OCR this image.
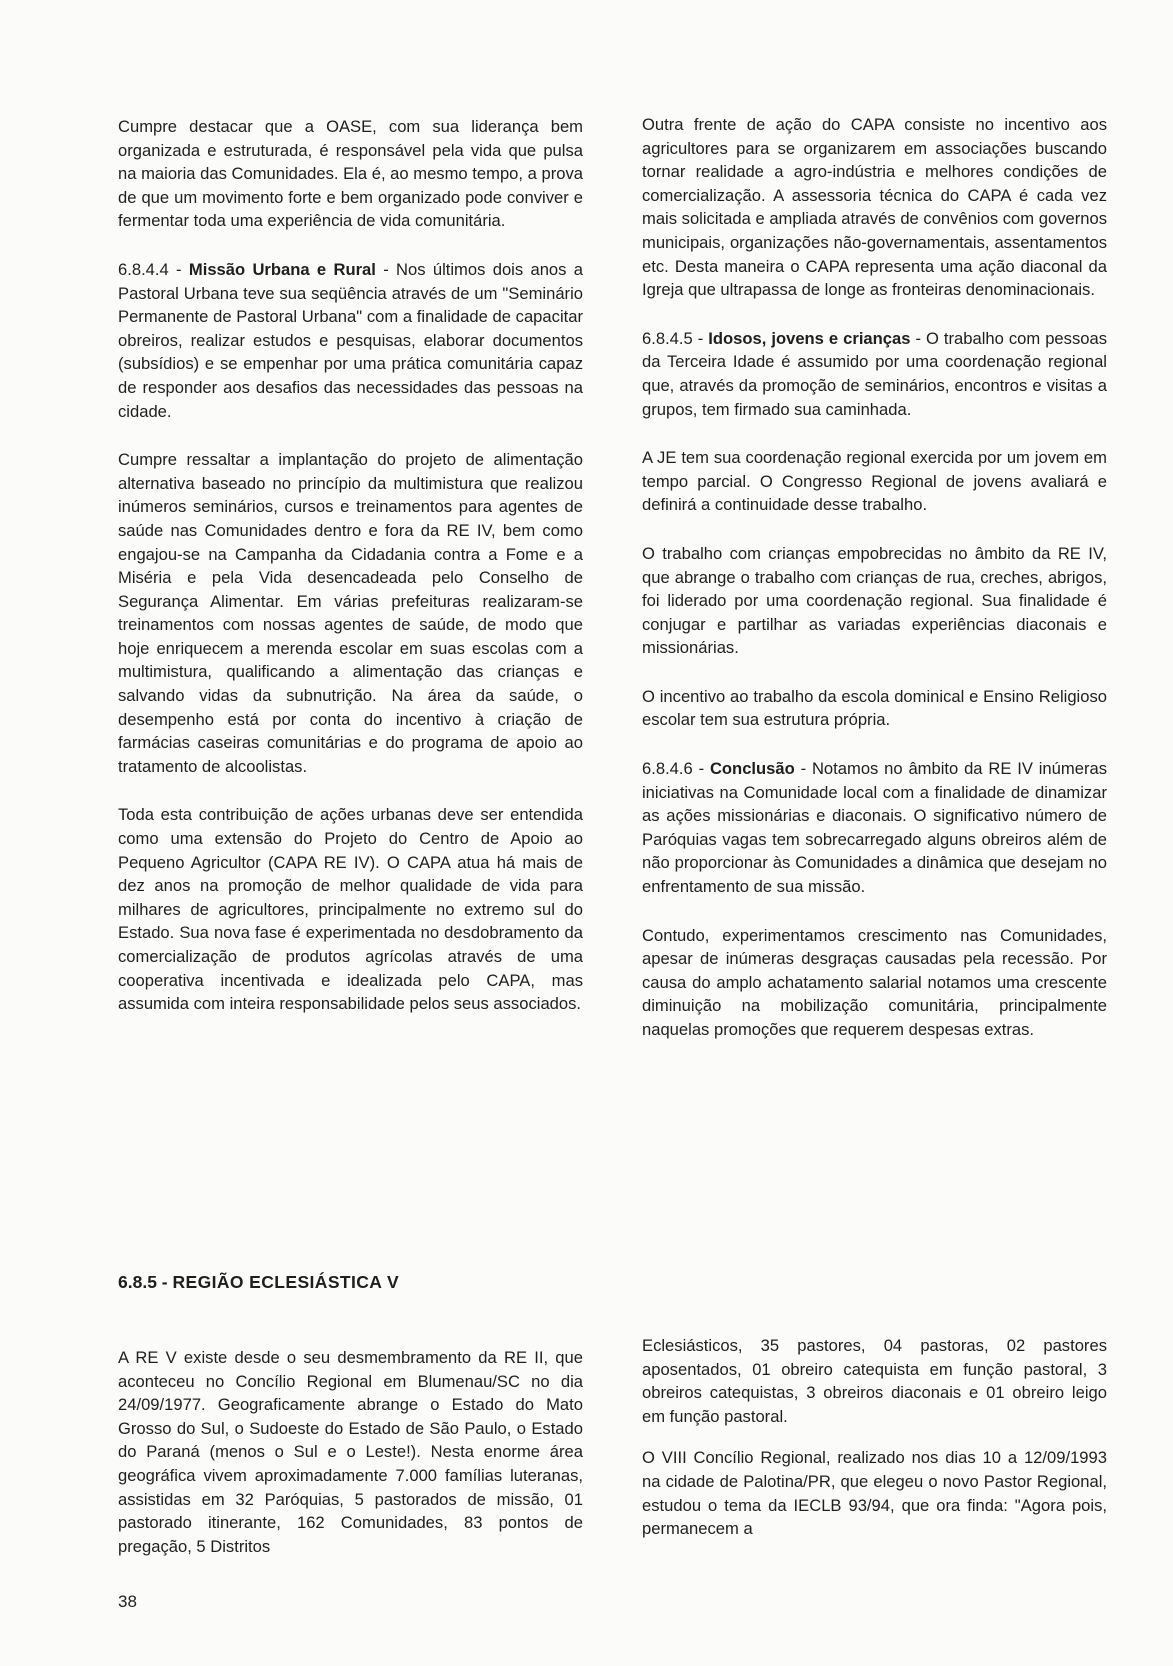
Cumpre destacar que a OASE, com sua liderança bem organizada e estruturada, é responsável pela vida que pulsa na maioria das Comunidades. Ela é, ao mesmo tempo, a prova de que um movimento forte e bem organizado pode conviver e fermentar toda uma experiência de vida comunitária.

6.8.4.4 - Missão Urbana e Rural - Nos últimos dois anos a Pastoral Urbana teve sua seqüência através de um "Seminário Permanente de Pastoral Urbana" com a finalidade de capacitar obreiros, realizar estudos e pesquisas, elaborar documentos (subsídios) e se empenhar por uma prática comunitária capaz de responder aos desafios das necessidades das pessoas na cidade.

Cumpre ressaltar a implantação do projeto de alimentação alternativa baseado no princípio da multimistura que realizou inúmeros seminários, cursos e treinamentos para agentes de saúde nas Comunidades dentro e fora da RE IV, bem como engajou-se na Campanha da Cidadania contra a Fome e a Miséria e pela Vida desencadeada pelo Conselho de Segurança Alimentar. Em várias prefeituras realizaram-se treinamentos com nossas agentes de saúde, de modo que hoje enriquecem a merenda escolar em suas escolas com a multimistura, qualificando a alimentação das crianças e salvando vidas da subnutrição. Na área da saúde, o desempenho está por conta do incentivo à criação de farmácias caseiras comunitárias e do programa de apoio ao tratamento de alcoolistas.

Toda esta contribuição de ações urbanas deve ser entendida como uma extensão do Projeto do Centro de Apoio ao Pequeno Agricultor (CAPA RE IV). O CAPA atua há mais de dez anos na promoção de melhor qualidade de vida para milhares de agricultores, principalmente no extremo sul do Estado. Sua nova fase é experimentada no desdobramento da comercialização de produtos agrícolas através de uma cooperativa incentivada e idealizada pelo CAPA, mas assumida com inteira responsabilidade pelos seus associados.

Outra frente de ação do CAPA consiste no incentivo aos agricultores para se organizarem em associações buscando tornar realidade a agro-indústria e melhores condições de comercialização. A assessoria técnica do CAPA é cada vez mais solicitada e ampliada através de convênios com governos municipais, organizações não-governamentais, assentamentos etc. Desta maneira o CAPA representa uma ação diaconal da Igreja que ultrapassa de longe as fronteiras denominacionais.

6.8.4.5 - Idosos, jovens e crianças - O trabalho com pessoas da Terceira Idade é assumido por uma coordenação regional que, através da promoção de seminários, encontros e visitas a grupos, tem firmado sua caminhada.

A JE tem sua coordenação regional exercida por um jovem em tempo parcial. O Congresso Regional de jovens avaliará e definirá a continuidade desse trabalho.

O trabalho com crianças empobrecidas no âmbito da RE IV, que abrange o trabalho com crianças de rua, creches, abrigos, foi liderado por uma coordenação regional. Sua finalidade é conjugar e partilhar as variadas experiências diaconais e missionárias.

O incentivo ao trabalho da escola dominical e Ensino Religioso escolar tem sua estrutura própria.

6.8.4.6 - Conclusão - Notamos no âmbito da RE IV inúmeras iniciativas na Comunidade local com a finalidade de dinamizar as ações missionárias e diaconais. O significativo número de Paróquias vagas tem sobrecarregado alguns obreiros além de não proporcionar às Comunidades a dinâmica que desejam no enfrentamento de sua missão.

Contudo, experimentamos crescimento nas Comunidades, apesar de inúmeras desgraças causadas pela recessão. Por causa do amplo achatamento salarial notamos uma crescente diminuição na mobilização comunitária, principalmente naquelas promoções que requerem despesas extras.

6.8.5 - REGIÃO ECLESIÁSTICA V

A RE V existe desde o seu desmembramento da RE II, que aconteceu no Concílio Regional em Blumenau/SC no dia 24/09/1977. Geograficamente abrange o Estado do Mato Grosso do Sul, o Sudoeste do Estado de São Paulo, o Estado do Paraná (menos o Sul e o Leste!). Nesta enorme área geográfica vivem aproximadamente 7.000 famílias luteranas, assistidas em 32 Paróquias, 5 pastorados de missão, 01 pastorado itinerante, 162 Comunidades, 83 pontos de pregação, 5 Distritos

Eclesiásticos, 35 pastores, 04 pastoras, 02 pastores aposentados, 01 obreiro catequista em função pastoral, 3 obreiros catequistas, 3 obreiros diaconais e 01 obreiro leigo em função pastoral.

O VIII Concílio Regional, realizado nos dias 10 a 12/09/1993 na cidade de Palotina/PR, que elegeu o novo Pastor Regional, estudou o tema da IECLB 93/94, que ora finda: "Agora pois, permanecem a

38
